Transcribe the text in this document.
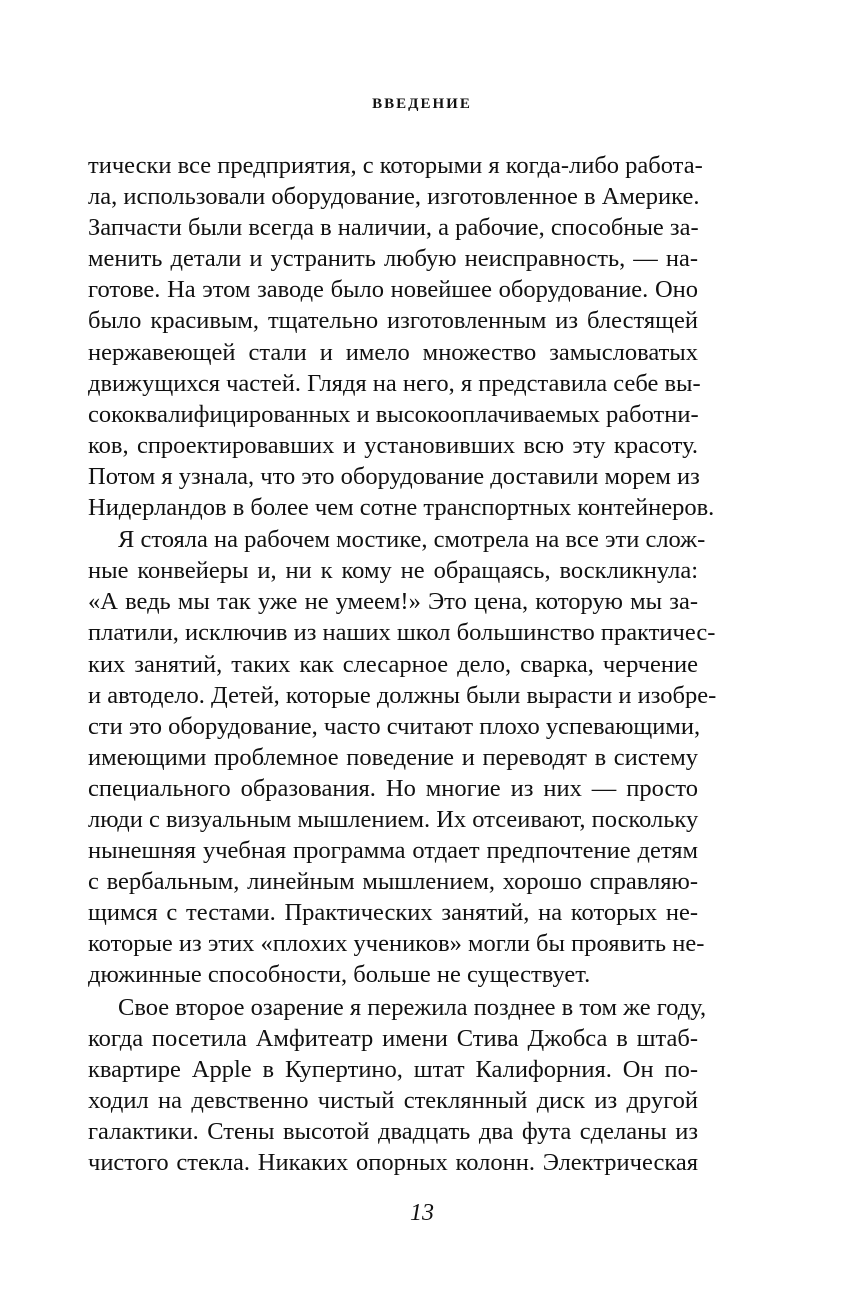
ВВЕДЕНИЕ
тически все предприятия, с которыми я когда-либо работа-
ла, использовали оборудование, изготовленное в Америке.
Запчасти были всегда в наличии, а рабочие, способные за-
менить детали и устранить любую неисправность, — на-
готове. На этом заводе было новейшее оборудование. Оно
было красивым, тщательно изготовленным из блестящей
нержавеющей стали и имело множество замысловатых
движущихся частей. Глядя на него, я представила себе вы-
сококвалифицированных и высокооплачиваемых работни-
ков, спроектировавших и установивших всю эту красоту.
Потом я узнала, что это оборудование доставили морем из
Нидерландов в более чем сотне транспортных контейнеров.
Я стояла на рабочем мостике, смотрела на все эти слож-
ные конвейеры и, ни к кому не обращаясь, воскликнула:
«А ведь мы так уже не умеем!» Это цена, которую мы за-
платили, исключив из наших школ большинство практичес-
ких занятий, таких как слесарное дело, сварка, черчение
и автодело. Детей, которые должны были вырасти и изобре-
сти это оборудование, часто считают плохо успевающими,
имеющими проблемное поведение и переводят в систему
специального образования. Но многие из них — просто
люди с визуальным мышлением. Их отсеивают, поскольку
нынешняя учебная программа отдает предпочтение детям
с вербальным, линейным мышлением, хорошо справляю-
щимся с тестами. Практических занятий, на которых не-
которые из этих «плохих учеников» могли бы проявить не-
дюжинные способности, больше не существует.
Свое второе озарение я пережила позднее в том же году,
когда посетила Амфитеатр имени Стива Джобса в штаб-
квартире Apple в Купертино, штат Калифорния. Он по-
ходил на девственно чистый стеклянный диск из другой
галактики. Стены высотой двадцать два фута сделаны из
чистого стекла. Никаких опорных колонн. Электрическая
13
